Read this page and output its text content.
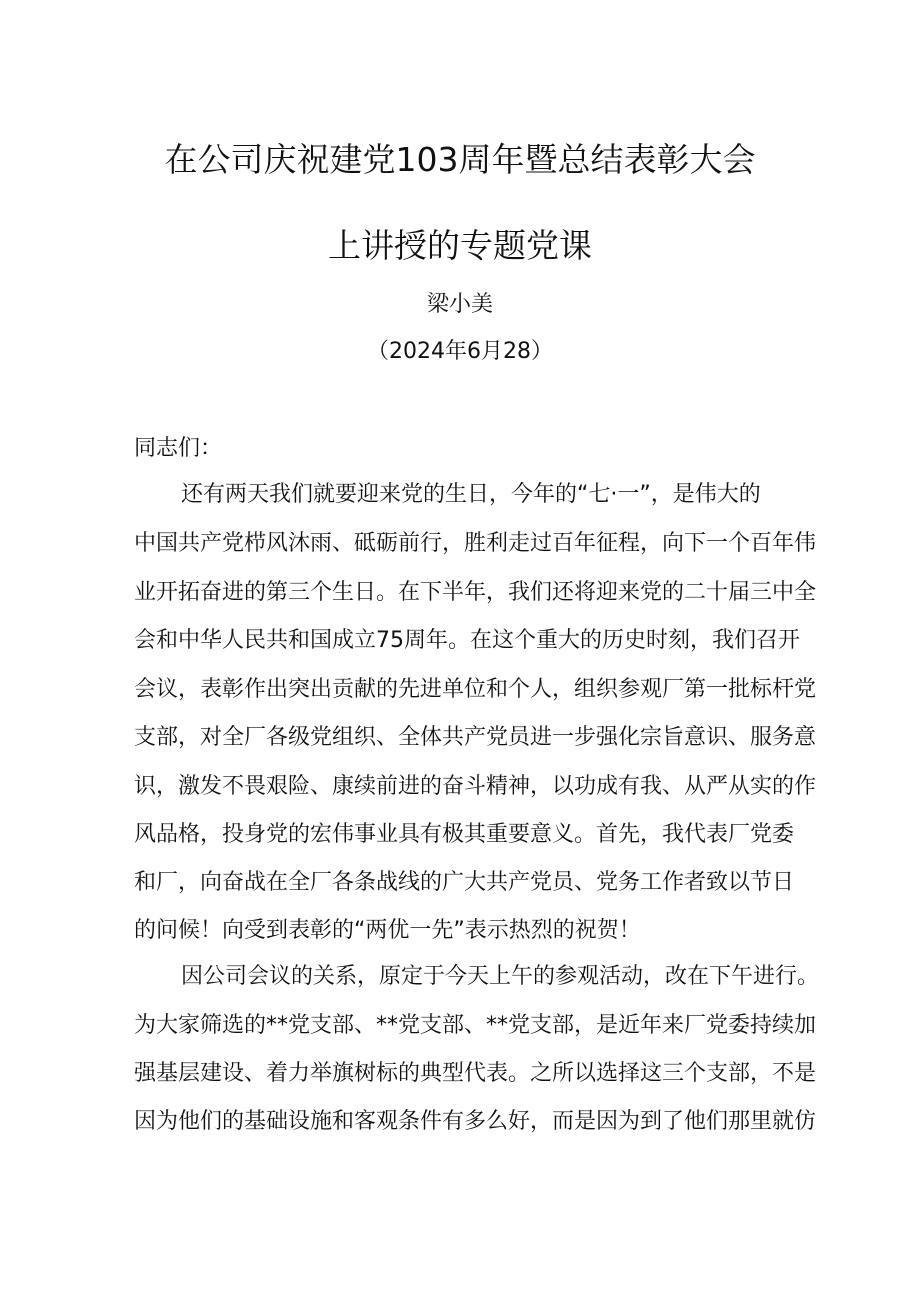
在公司庆祝建党103周年暨总结表彰大会
上讲授的专题党课
梁小美
（2024年6月28）
同志们：
还有两天我们就要迎来党的生日，今年的“七·一”，是伟大的
中国共产党栉风沐雨、砥砺前行，胜利走过百年征程，向下一个百年伟
业开拓奋进的第三个生日。在下半年，我们还将迎来党的二十届三中全
会和中华人民共和国成立75周年。在这个重大的历史时刻，我们召开
会议，表彰作出突出贡献的先进单位和个人，组织参观厂第一批标杆党
支部，对全厂各级党组织、全体共产党员进一步强化宗旨意识、服务意
识，激发不畏艰险、康续前进的奋斗精神，以功成有我、从严从实的作
风品格，投身党的宏伟事业具有极其重要意义。首先，我代表厂党委
和厂，向奋战在全厂各条战线的广大共产党员、党务工作者致以节日
的问候！向受到表彰的“两优一先”表示热烈的祝贺！
因公司会议的关系，原定于今天上午的参观活动，改在下午进行。
为大家筛选的**党支部、**党支部、**党支部，是近年来厂党委持续加
强基层建设、着力举旗树标的典型代表。之所以选择这三个支部，不是
因为他们的基础设施和客观条件有多么好，而是因为到了他们那里就仿
